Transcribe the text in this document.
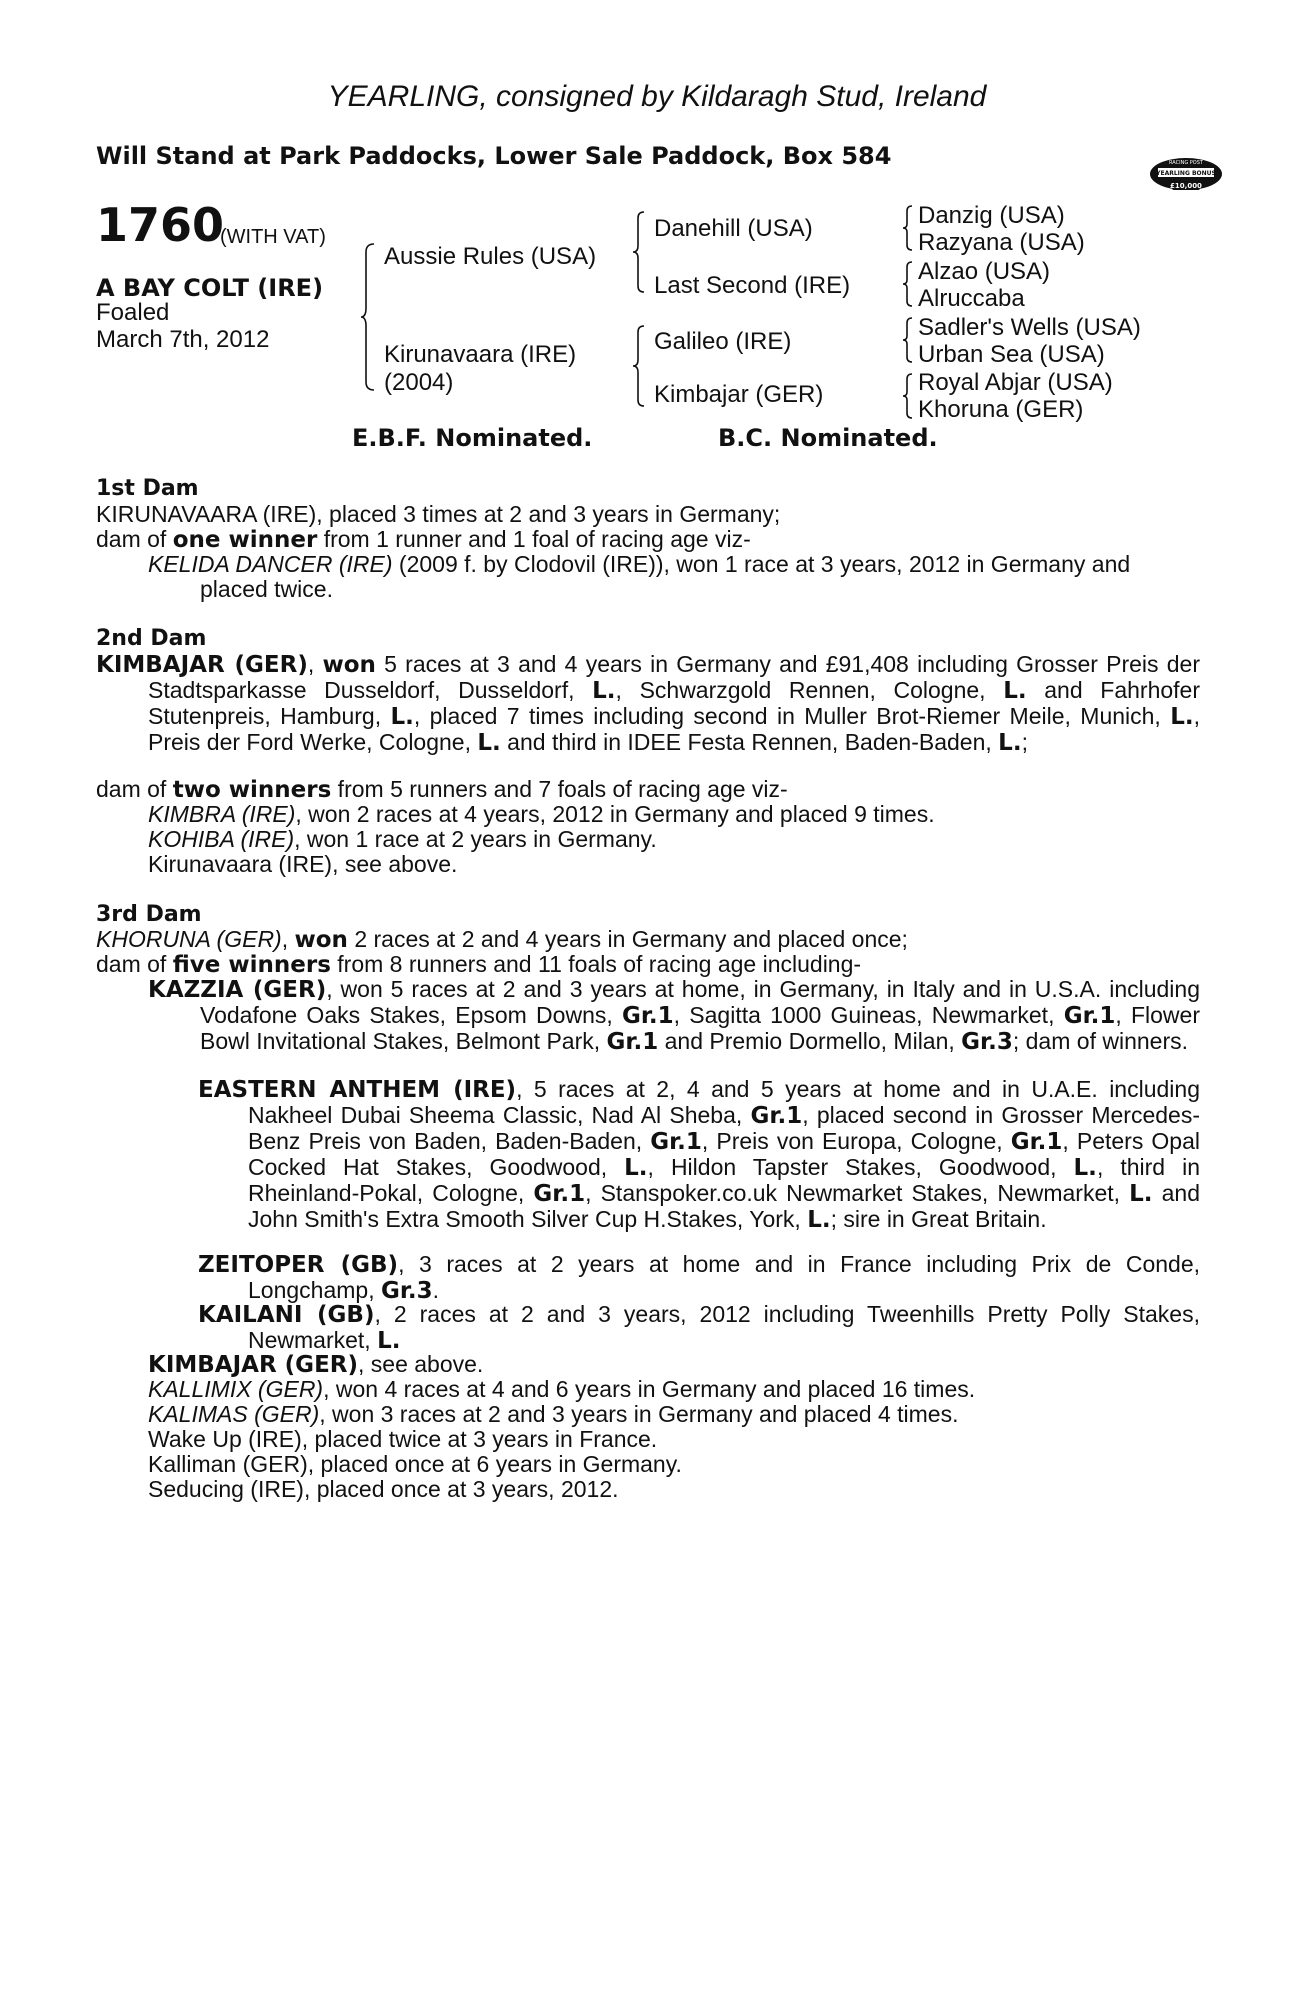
YEARLING, consigned by Kildaragh Stud, Ireland
Will Stand at Park Paddocks, Lower Sale Paddock, Box 584	RACING POST
YEARLING BONUS
£10,000
1760
(WITH VAT)
A BAY COLT (IRE)
Foaled
March 7th, 2012
Aussie Rules (USA)
Kirunavaara (IRE)
(2004)
Danehill (USA)
Last Second (IRE)
Galileo (IRE)
Kimbajar (GER)
Danzig (USA)
Razyana (USA)
Alzao (USA)
Alruccaba
Sadler's Wells (USA)
Urban Sea (USA)
Royal Abjar (USA)
Khoruna (GER)
E.B.F. Nominated.	B.C. Nominated.
1st Dam
KIRUNAVAARA (IRE), placed 3 times at 2 and 3 years in Germany;
dam of one winner from 1 runner and 1 foal of racing age viz-
KELIDA DANCER (IRE) (2009 f. by Clodovil (IRE)), won 1 race at 3 years, 2012 in Germany and placed twice.
2nd Dam
KIMBAJAR (GER), won 5 races at 3 and 4 years in Germany and £91,408 including Grosser Preis der Stadtsparkasse Dusseldorf, Dusseldorf, L., Schwarzgold Rennen, Cologne, L. and Fahrhofer Stutenpreis, Hamburg, L., placed 7 times including second in Muller Brot-Riemer Meile, Munich, L., Preis der Ford Werke, Cologne, L. and third in IDEE Festa Rennen, Baden-Baden, L.;
dam of two winners from 5 runners and 7 foals of racing age viz-
KIMBRA (IRE), won 2 races at 4 years, 2012 in Germany and placed 9 times.
KOHIBA (IRE), won 1 race at 2 years in Germany.
Kirunavaara (IRE), see above.
3rd Dam
KHORUNA (GER), won 2 races at 2 and 4 years in Germany and placed once;
dam of five winners from 8 runners and 11 foals of racing age including-
KAZZIA (GER), won 5 races at 2 and 3 years at home, in Germany, in Italy and in U.S.A. including Vodafone Oaks Stakes, Epsom Downs, Gr.1, Sagitta 1000 Guineas, Newmarket, Gr.1, Flower Bowl Invitational Stakes, Belmont Park, Gr.1 and Premio Dormello, Milan, Gr.3; dam of winners.
EASTERN ANTHEM (IRE), 5 races at 2, 4 and 5 years at home and in U.A.E. including Nakheel Dubai Sheema Classic, Nad Al Sheba, Gr.1, placed second in Grosser Mercedes-Benz Preis von Baden, Baden-Baden, Gr.1, Preis von Europa, Cologne, Gr.1, Peters Opal Cocked Hat Stakes, Goodwood, L., Hildon Tapster Stakes, Goodwood, L., third in Rheinland-Pokal, Cologne, Gr.1, Stanspoker.co.uk Newmarket Stakes, Newmarket, L. and John Smith's Extra Smooth Silver Cup H.Stakes, York, L.; sire in Great Britain.
ZEITOPER (GB), 3 races at 2 years at home and in France including Prix de Conde, Longchamp, Gr.3.
KAILANI (GB), 2 races at 2 and 3 years, 2012 including Tweenhills Pretty Polly Stakes, Newmarket, L.
KIMBAJAR (GER), see above.
KALLIMIX (GER), won 4 races at 4 and 6 years in Germany and placed 16 times.
KALIMAS (GER), won 3 races at 2 and 3 years in Germany and placed 4 times.
Wake Up (IRE), placed twice at 3 years in France.
Kalliman (GER), placed once at 6 years in Germany.
Seducing (IRE), placed once at 3 years, 2012.
